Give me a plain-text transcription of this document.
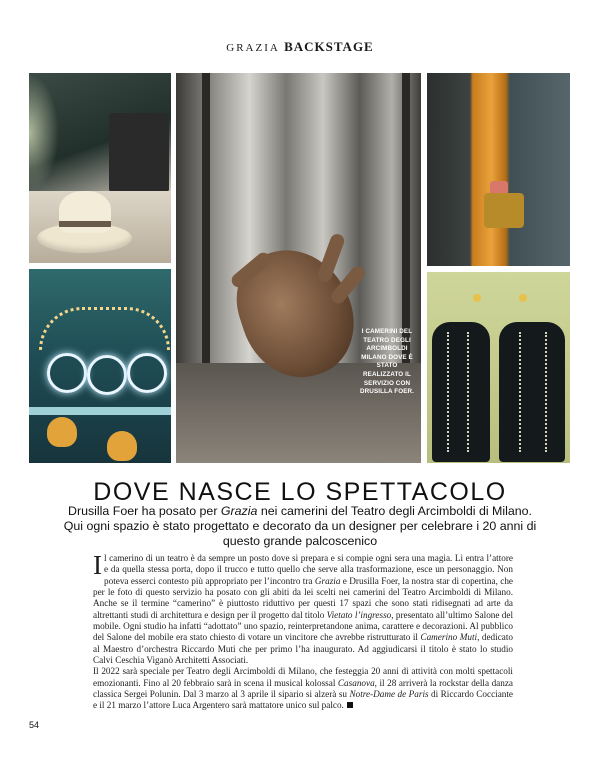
GRAZIA BACKSTAGE
I CAMERINI DEL
TEATRO DEGLI
ARCIMBOLDI
MILANO DOVE È
STATO
REALIZZATO IL
SERVIZIO CON
DRUSILLA FOER.
DOVE NASCE LO SPETTACOLO
Drusilla Foer ha posato per Grazia nei camerini del Teatro degli Arcimboldi di Milano. Qui ogni spazio è stato progettato e decorato da un designer per celebrare i 20 anni di questo grande palcoscenico

Il camerino di un teatro è da sempre un posto dove si prepara e si compie ogni sera una magia. Lì entra l’attore e da quella stessa porta, dopo il trucco e tutto quello che serve alla trasformazione, esce un personaggio. Non poteva esserci contesto più appropriato per l’incontro tra Grazia e Drusilla Foer, la nostra star di copertina, che per le foto di questo servizio ha posato con gli abiti da lei scelti nei camerini del Teatro Arcimboldi di Milano. Anche se il termine “camerino” è piuttosto riduttivo per questi 17 spazi che sono stati ridisegnati ad arte da altrettanti studi di architettura e design per il progetto dal titolo Vietato l’ingresso, presentato all’ultimo Salone del mobile. Ogni studio ha infatti “adottato” uno spazio, reinterpretandone anima, carattere e decorazioni. Al pubblico del Salone del mobile era stato chiesto di votare un vincitore che avrebbe ristrutturato il Camerino Muti, dedicato al Maestro d’orchestra Riccardo Muti che per primo l’ha inaugurato. Ad aggiudicarsi il titolo è stato lo studio Calvi Ceschia Viganò Architetti Associati.

Il 2022 sarà speciale per Teatro degli Arcimboldi di Milano, che festeggia 20 anni di attività con molti spettacoli emozionanti. Fino al 20 febbraio sarà in scena il musical kolossal Casanova, il 28 arriverà la rockstar della danza classica Sergei Polunin. Dal 3 marzo al 3 aprile il sipario si alzerà su Notre-Dame de Paris di Riccardo Cocciante e il 21 marzo l’attore Luca Argentero sarà mattatore unico sul palco.

54
